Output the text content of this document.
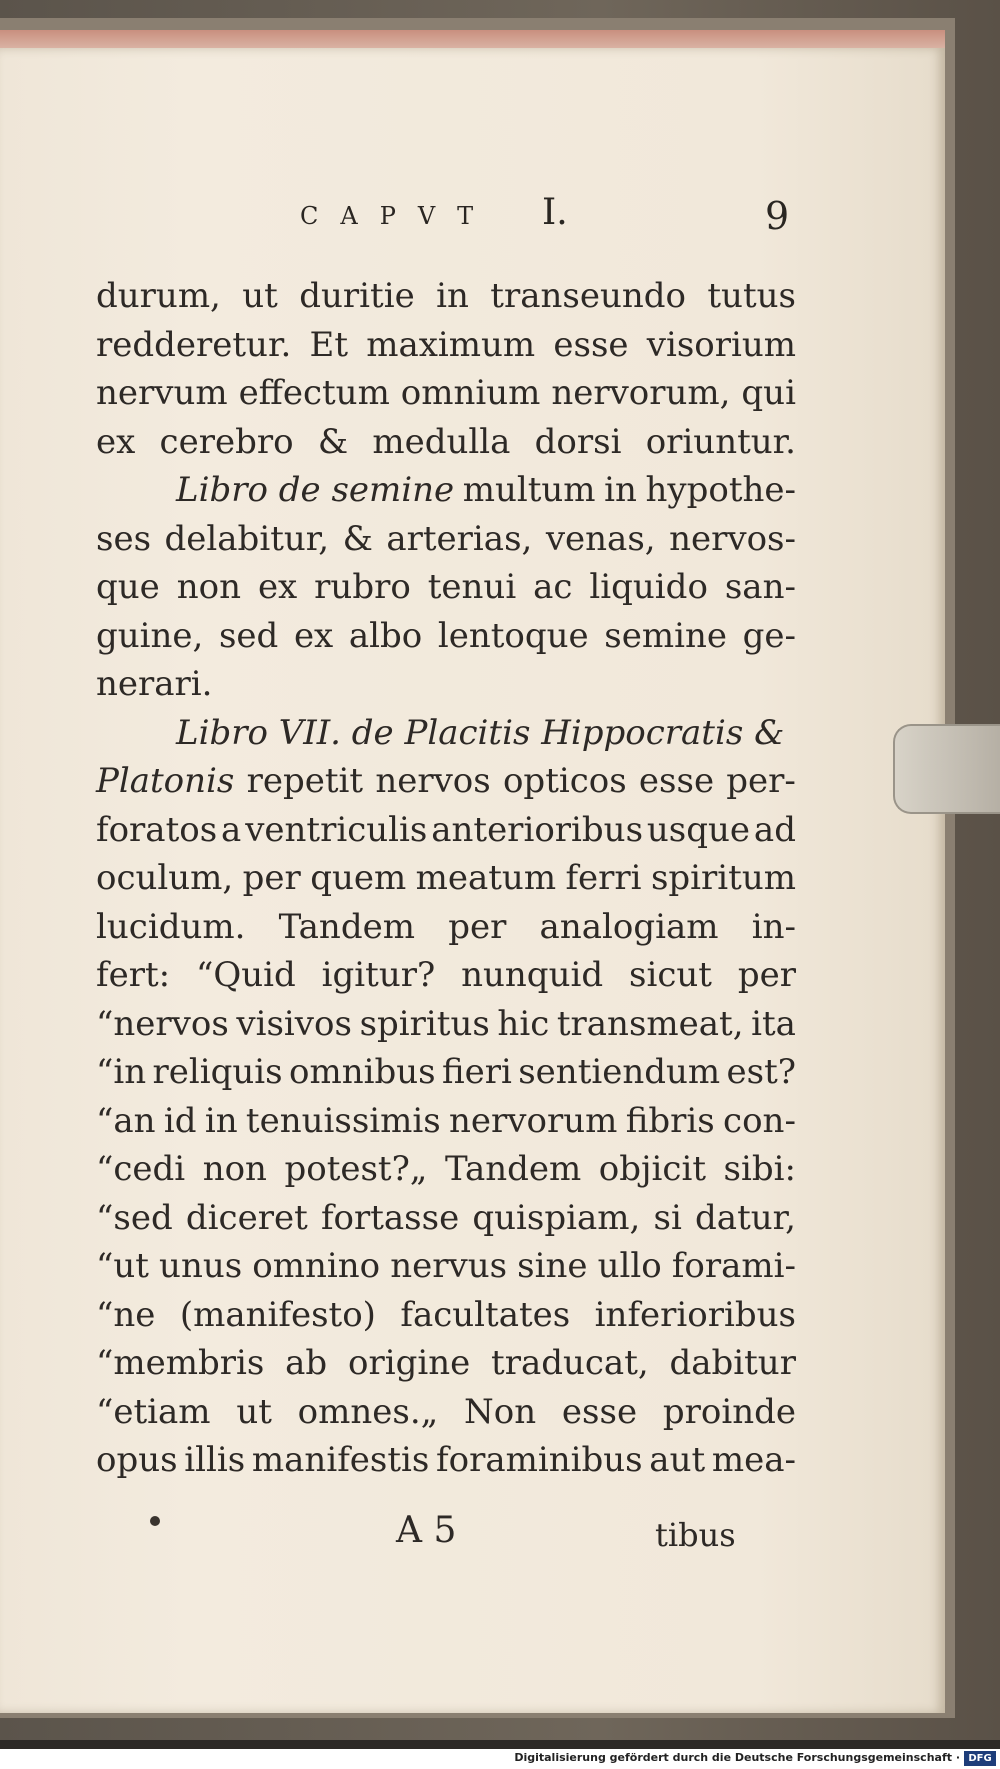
CAPVT I.	9
durum, ut duritie in transeundo tutus
redderetur. Et maximum esse visorium
nervum effectum omnium nervorum, qui
ex cerebro & medulla dorsi oriuntur.
Libro de semine multum in hypothe-
ses delabitur, & arterias, venas, nervos-
que non ex rubro tenui ac liquido san-
guine, sed ex albo lentoque semine ge-
nerari.
Libro VII. de Placitis Hippocratis &
Platonis repetit nervos opticos esse per-
foratos a ventriculis anterioribus usque ad
oculum, per quem meatum ferri spiritum
lucidum. Tandem per analogiam in-
fert: “Quid igitur? nunquid sicut per
“nervos visivos spiritus hic transmeat, ita
“in reliquis omnibus fieri sentiendum est?
“an id in tenuissimis nervorum fibris con-
“cedi non potest?„ Tandem objicit sibi:
“sed diceret fortasse quispiam, si datur,
“ut unus omnino nervus sine ullo forami-
“ne (manifesto) facultates inferioribus
“membris ab origine traducat, dabitur
“etiam ut omnes.„ Non esse proinde
opus illis manifestis foraminibus aut mea-
A 5	tibus
Digitalisierung gefördert durch die Deutsche Forschungsgemeinschaft · DFG
